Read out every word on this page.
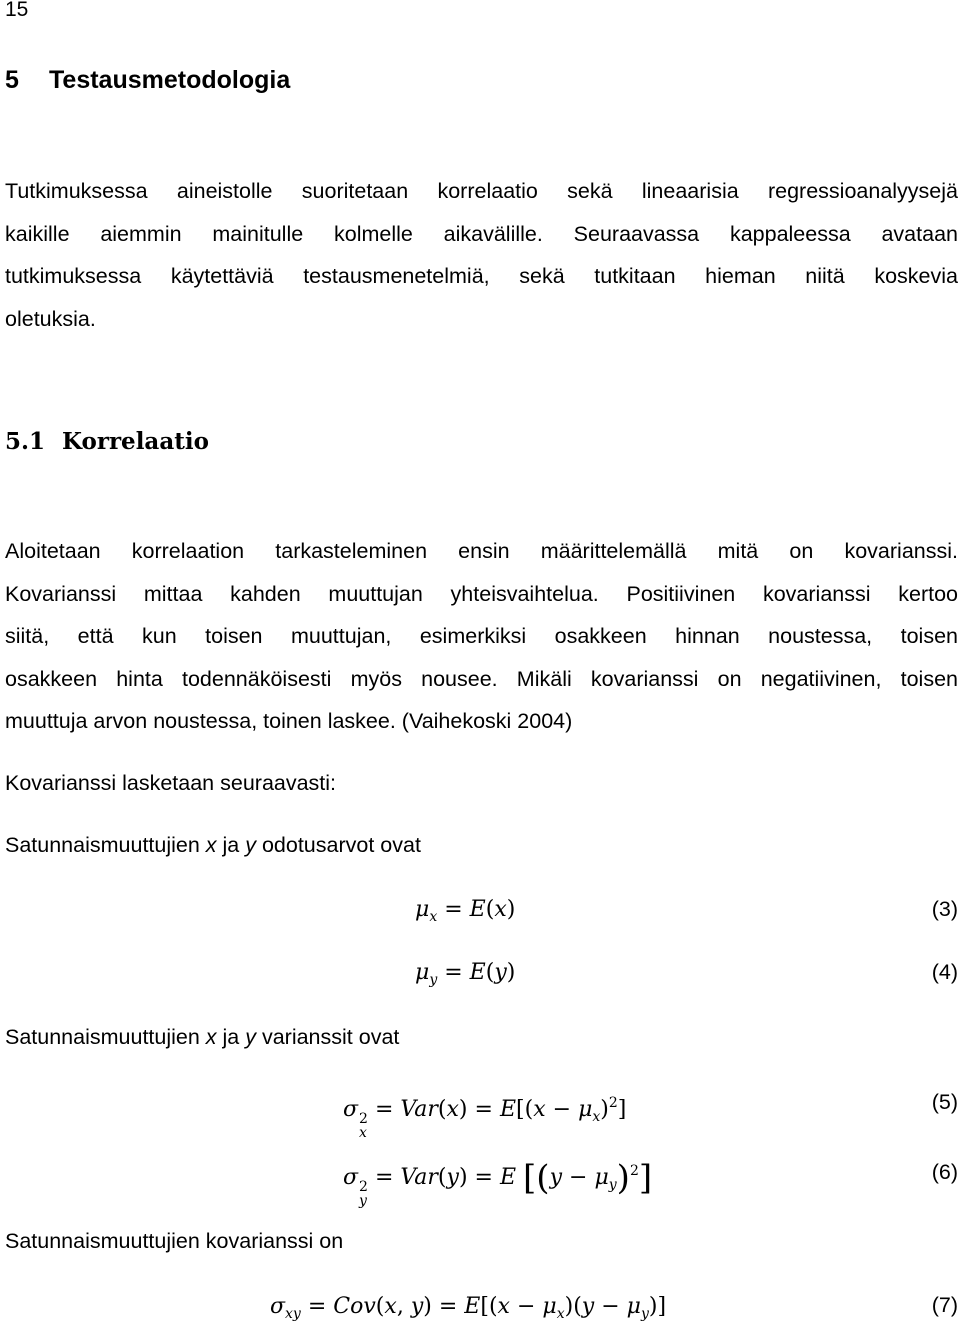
15
5 Testausmetodologia

Tutkimuksessa aineistolle suoritetaan korrelaatio sekä lineaarisia regressioanalyysejä
kaikille aiemmin mainitulle kolmelle aikavälille. Seuraavassa kappaleessa avataan
tutkimuksessa käytettäviä testausmenetelmiä, sekä tutkitaan hieman niitä koskevia
oletuksia.

5.1 Korrelaatio

Aloitetaan korrelaation tarkasteleminen ensin määrittelemällä mitä on kovarianssi.
Kovarianssi mittaa kahden muuttujan yhteisvaihtelua. Positiivinen kovarianssi kertoo
siitä, että kun toisen muuttujan, esimerkiksi osakkeen hinnan noustessa, toisen
osakkeen hinta todennäköisesti myös nousee. Mikäli kovarianssi on negatiivinen, toisen
muuttuja arvon noustessa, toinen laskee. (Vaihekoski 2004)

Kovarianssi lasketaan seuraavasti:

Satunnaismuuttujien x ja y odotusarvot ovat

$\mu_x = E(x)$	(3)
$\mu_y = E(y)$	(4)

Satunnaismuuttujien x ja y varianssit ovat

σ 2
x
= $Var(x) = E[(x - \mu_x)^2]$	(5)
σ 2
y
= Var(y) = E $[(y - \mu_y)^2]$	(6)

Satunnaismuuttujien kovarianssi on

$\sigma_{xy} = Cov(x$, $y) = E[(x - \mu_x)(y - \mu_y)]$	(7)
